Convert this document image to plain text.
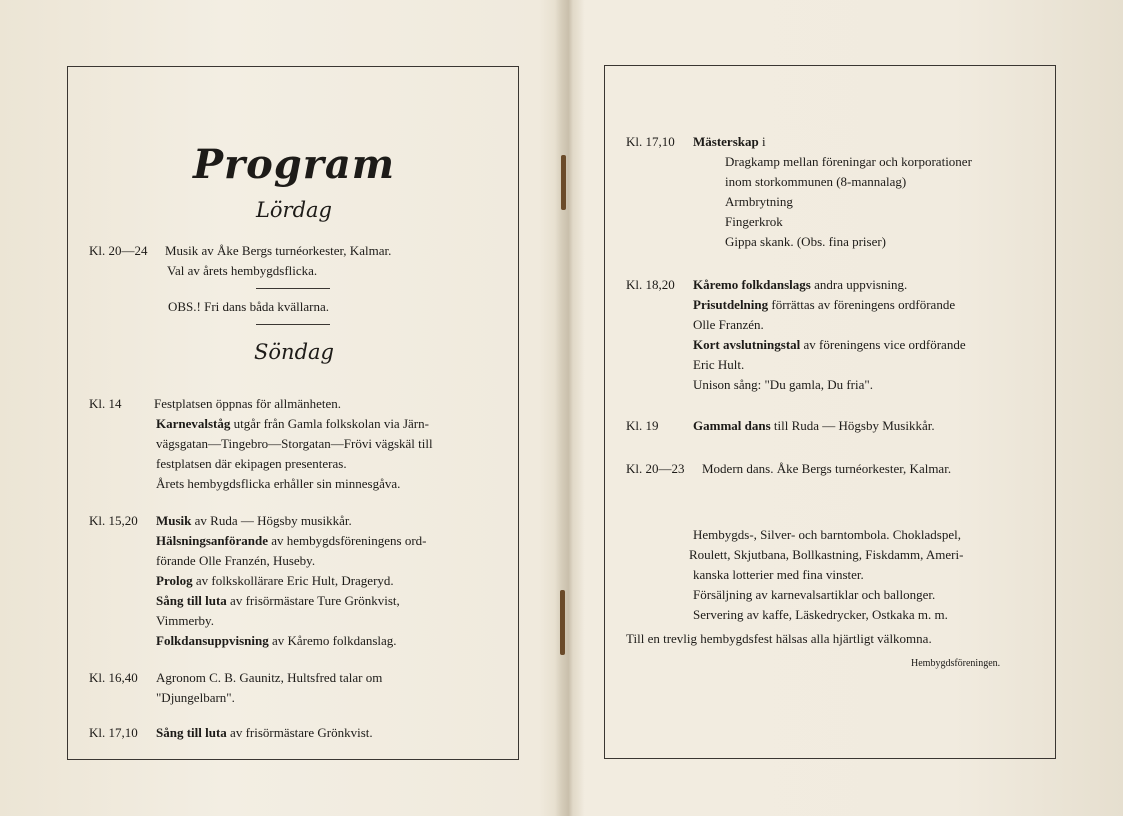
Program
Lördag
Kl. 20—24 Musik av Åke Bergs turnéorkester, Kalmar.
Val av årets hembygdsflicka.
OBS.! Fri dans båda kvällarna.
Söndag
Kl. 14	Festplatsen öppnas för allmänheten.
Karnevalståg utgår från Gamla folkskolan via Järn-
vägsgatan—Tingebro—Storgatan—Frövi vägskäl till
festplatsen där ekipagen presenteras.
Årets hembygdsflicka erhåller sin minnesgåva.
Kl. 15,20 Musik av Ruda — Högsby musikkår.
Hälsningsanförande av hembygdsföreningens ord-
förande Olle Franzén, Huseby.
Prolog av folkskollärare Eric Hult, Drageryd.
Sång till luta av frisörmästare Ture Grönkvist,
Vimmerby.
Folkdansuppvisning av Kåremo folkdanslag.
Kl. 16,40 Agronom C. B. Gaunitz, Hultsfred talar om
"Djungelbarn".
Kl. 17,10 Sång till luta av frisörmästare Grönkvist.
Kl. 17,10 Mästerskap i
Dragkamp mellan föreningar och korporationer
inom storkommunen (8-mannalag)
Armbrytning
Fingerkrok
Gippa skank. (Obs. fina priser)
Kl. 18,20 Kåremo folkdanslags andra uppvisning.
Prisutdelning förrättas av föreningens ordförande
Olle Franzén.
Kort avslutningstal av föreningens vice ordförande
Eric Hult.
Unison sång: "Du gamla, Du fria".
Kl. 19	Gammal dans till Ruda — Högsby Musikkår.
Kl. 20—23 Modern dans. Åke Bergs turnéorkester, Kalmar.
Hembygds-, Silver- och barntombola. Chokladspel,
Roulett, Skjutbana, Bollkastning, Fiskdamm, Ameri-
kanska lotterier med fina vinster.
Försäljning av karnevalsartiklar och ballonger.
Servering av kaffe, Läskedrycker, Ostkaka m. m.
Till en trevlig hembygdsfest hälsas alla hjärtligt välkomna.
Hembygdsföreningen.
